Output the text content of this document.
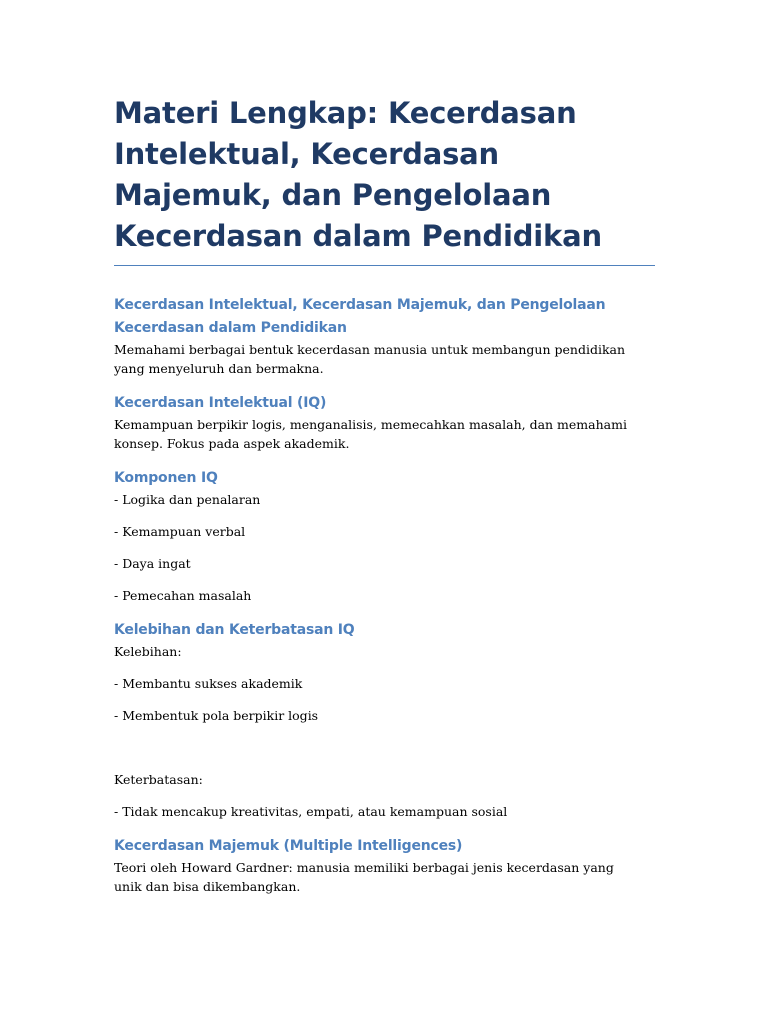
Materi Lengkap: Kecerdasan Intelektual, Kecerdasan Majemuk, dan Pengelolaan Kecerdasan dalam Pendidikan
Kecerdasan Intelektual, Kecerdasan Majemuk, dan Pengelolaan Kecerdasan dalam Pendidikan

Memahami berbagai bentuk kecerdasan manusia untuk membangun pendidikan yang menyeluruh dan bermakna.

Kecerdasan Intelektual (IQ)

Kemampuan berpikir logis, menganalisis, memecahkan masalah, dan memahami konsep. Fokus pada aspek akademik.

Komponen IQ

- Logika dan penalaran

- Kemampuan verbal

- Daya ingat

- Pemecahan masalah

Kelebihan dan Keterbatasan IQ

Kelebihan:

- Membantu sukses akademik

- Membentuk pola berpikir logis

Keterbatasan:

- Tidak mencakup kreativitas, empati, atau kemampuan sosial

Kecerdasan Majemuk (Multiple Intelligences)

Teori oleh Howard Gardner: manusia memiliki berbagai jenis kecerdasan yang unik dan bisa dikembangkan.
